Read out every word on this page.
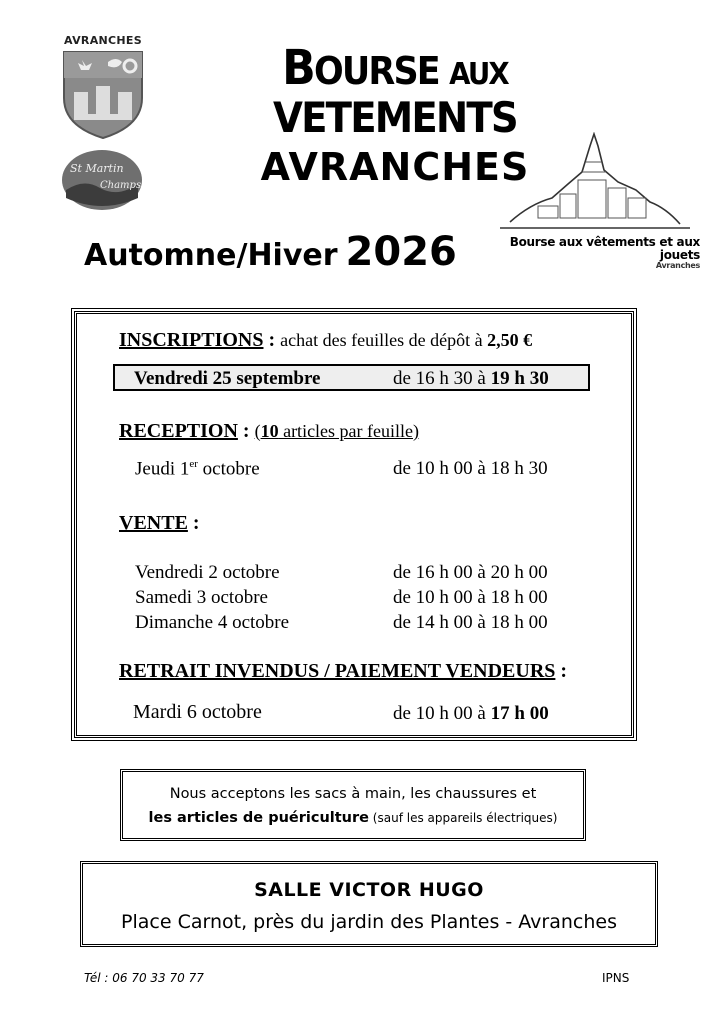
AVRANCHES
St Martin
Champs
BOURSE AUX VETEMENTS
AVRANCHES
Automne/Hiver 2026	Bourse aux vêtements et aux jouets
Avranches
INSCRIPTIONS : achat des feuilles de dépôt à 2,50 €
Vendredi 25 septembre	de 16 h 30 à 19 h 30
RECEPTION : (10 articles par feuille)
Jeudi 1er octobre	de 10 h 00 à 18 h 30
VENTE :
Vendredi 2 octobre	de 16 h 00 à 20 h 00
Samedi 3 octobre	de 10 h 00 à 18 h 00
Dimanche 4 octobre	de 14 h 00 à 18 h 00
RETRAIT INVENDUS / PAIEMENT VENDEURS :
Mardi 6 octobre	de 10 h 00 à 17 h 00
Nous acceptons les sacs à main, les chaussures et
les articles de puériculture (sauf les appareils électriques)
SALLE VICTOR HUGO
Place Carnot, près du jardin des Plantes - Avranches
Tél : 06 70 33 70 77	IPNS
